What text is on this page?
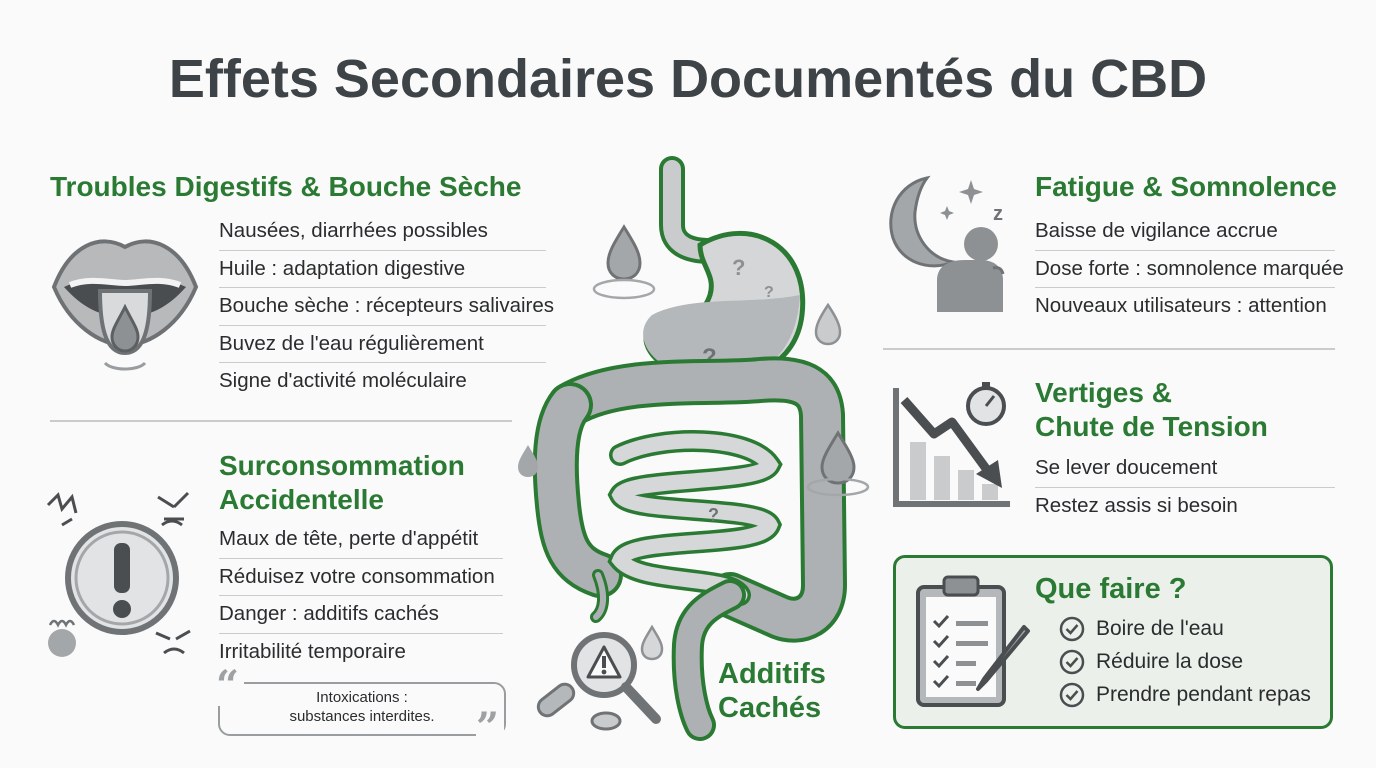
Effets Secondaires Documentés du CBD
Troubles Digestifs & Bouche Sèche
Nausées, diarrhées possibles
Huile : adaptation digestive
Bouche sèche : récepteurs salivaires
Buvez de l'eau régulièrement
Signe d'activité moléculaire
Surconsommation
Accidentelle
Maux de tête, perte d'appétit
Réduisez votre consommation
Danger : additifs cachés
Irritabilité temporaire
Intoxications :
substances interdites.
“
”
?
?
?
?
Additifs
Cachés
Fatigue & Somnolence
Baisse de vigilance accrue
Dose forte : somnolence marquée
Nouveaux utilisateurs : attention
z
Vertiges &
Chute de Tension
Se lever doucement
Restez assis si besoin
Que faire ?
Boire de l'eau
Réduire la dose
Prendre pendant repas
